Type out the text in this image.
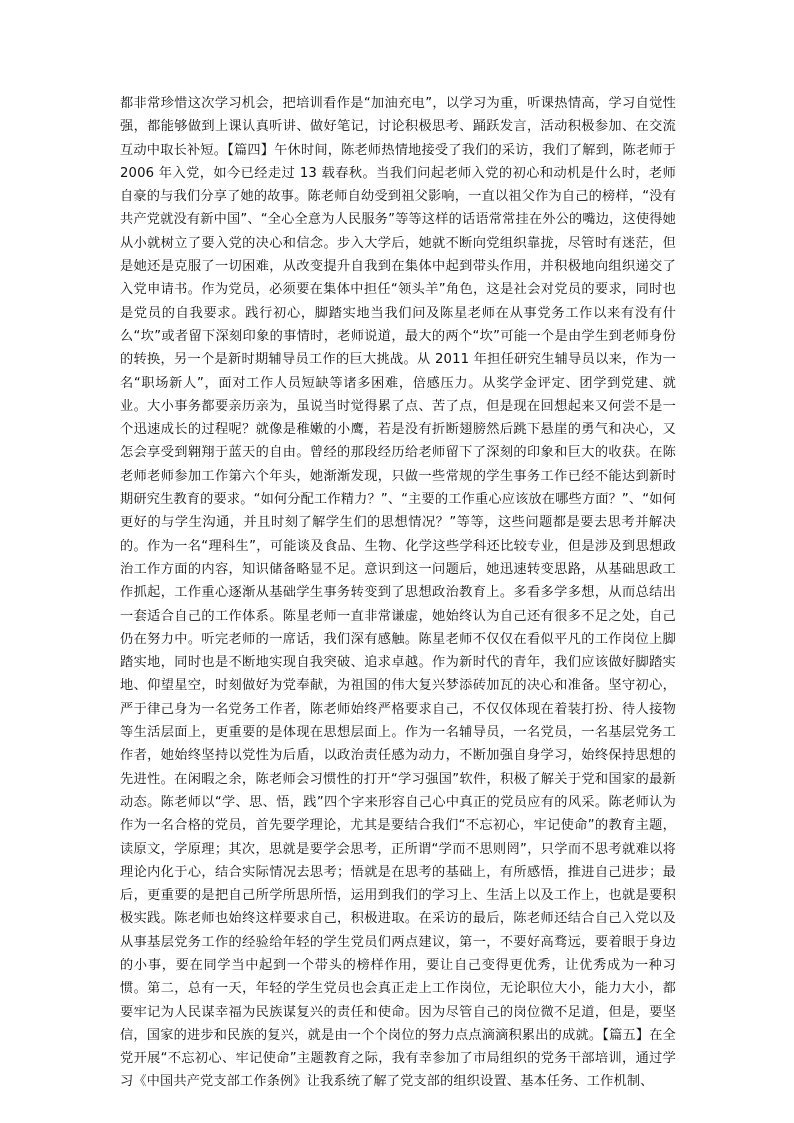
都非常珍惜这次学习机会，把培训看作是“加油充电”，以学习为重，听课热情高，学习自觉性强，都能够做到上课认真听讲、做好笔记，讨论积极思考、踊跃发言，活动积极参加、在交流互动中取长补短。【篇四】午休时间，陈老师热情地接受了我们的采访，我们了解到，陈老师于 2006 年入党，如今已经走过 13 载春秋。当我们问起老师入党的初心和动机是什么时，老师自豪的与我们分享了她的故事。陈老师自幼受到祖父影响，一直以祖父作为自己的榜样，“没有共产党就没有新中国”、“全心全意为人民服务”等等这样的话语常常挂在外公的嘴边，这使得她从小就树立了要入党的决心和信念。步入大学后，她就不断向党组织靠拢，尽管时有迷茫，但是她还是克服了一切困难，从改变提升自我到在集体中起到带头作用，并积极地向组织递交了入党申请书。作为党员，必须要在集体中担任“领头羊”角色，这是社会对党员的要求，同时也是党员的自我要求。践行初心，脚踏实地当我们问及陈星老师在从事党务工作以来有没有什么“坎”或者留下深刻印象的事情时，老师说道，最大的两个“坎”可能一个是由学生到老师身份的转换，另一个是新时期辅导员工作的巨大挑战。从 2011 年担任研究生辅导员以来，作为一名“职场新人”，面对工作人员短缺等诸多困难，倍感压力。从奖学金评定、团学到党建、就业。大小事务都要亲历亲为，虽说当时觉得累了点、苦了点，但是现在回想起来又何尝不是一个迅速成长的过程呢？就像是稚嫩的小鹰，若是没有折断翅膀然后跳下悬崖的勇气和决心，又怎会享受到翱翔于蓝天的自由。曾经的那段经历给老师留下了深刻的印象和巨大的收获。在陈老师老师参加工作第六个年头，她渐渐发现，只做一些常规的学生事务工作已经不能达到新时期研究生教育的要求。“如何分配工作精力？”、“主要的工作重心应该放在哪些方面？”、“如何更好的与学生沟通，并且时刻了解学生们的思想情况？”等等，这些问题都是要去思考并解决的。作为一名“理科生”，可能谈及食品、生物、化学这些学科还比较专业，但是涉及到思想政治工作方面的内容，知识储备略显不足。意识到这一问题后，她迅速转变思路，从基础思政工作抓起，工作重心逐渐从基础学生事务转变到了思想政治教育上。多看多学多想，从而总结出一套适合自己的工作体系。陈星老师一直非常谦虚，她始终认为自己还有很多不足之处，自己仍在努力中。听完老师的一席话，我们深有感触。陈星老师不仅仅在看似平凡的工作岗位上脚踏实地，同时也是不断地实现自我突破、追求卓越。作为新时代的青年，我们应该做好脚踏实地、仰望星空，时刻做好为党奉献，为祖国的伟大复兴梦添砖加瓦的决心和准备。坚守初心，严于律己身为一名党务工作者，陈老师始终严格要求自己，不仅仅体现在着装打扮、待人接物等生活层面上，更重要的是体现在思想层面上。作为一名辅导员，一名党员，一名基层党务工作者，她始终坚持以党性为后盾，以政治责任感为动力，不断加强自身学习，始终保持思想的先进性。在闲暇之余，陈老师会习惯性的打开“学习强国”软件，积极了解关于党和国家的最新动态。陈老师以“学、思、悟，践”四个字来形容自己心中真正的党员应有的风采。陈老师认为作为一名合格的党员，首先要学理论，尤其是要结合我们“不忘初心，牢记使命”的教育主题，读原文，学原理；其次，思就是要学会思考，正所谓“学而不思则罔”，只学而不思考就难以将理论内化于心，结合实际情况去思考；悟就是在思考的基础上，有所感悟，推进自己进步；最后，更重要的是把自己所学所思所悟，运用到我们的学习上、生活上以及工作上，也就是要积极实践。陈老师也始终这样要求自己，积极进取。在采访的最后，陈老师还结合自己入党以及从事基层党务工作的经验给年轻的学生党员们两点建议，第一，不要好高骛远，要着眼于身边的小事，要在同学当中起到一个带头的榜样作用，要让自己变得更优秀，让优秀成为一种习惯。第二，总有一天，年轻的学生党员也会真正走上工作岗位，无论职位大小，能力大小，都要牢记为人民谋幸福为民族谋复兴的责任和使命。因为尽管自己的岗位微不足道，但是，要坚信，国家的进步和民族的复兴，就是由一个个岗位的努力点点滴滴积累出的成就。【篇五】在全党开展“不忘初心、牢记使命”主题教育之际，我有幸参加了市局组织的党务干部培训，通过学习《中国共产党支部工作条例》让我系统了解了党支部的组织设置、基本任务、工作机制、
